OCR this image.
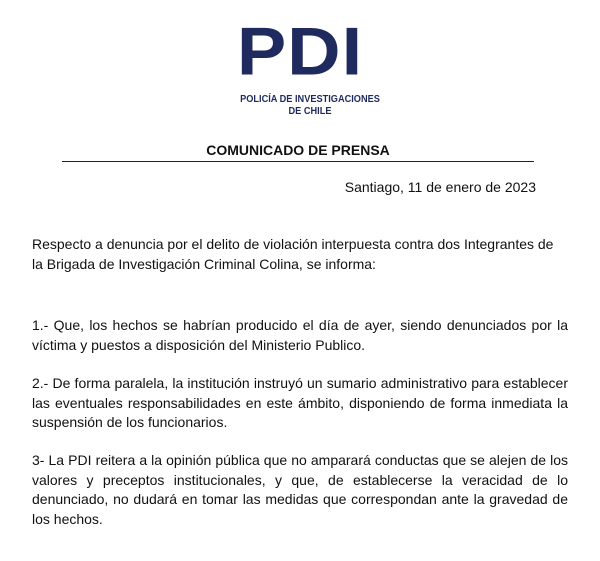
PDI
POLICÍA DE INVESTIGACIONES
DE CHILE
COMUNICADO DE PRENSA
Santiago, 11 de enero de 2023

Respecto a denuncia por el delito de violación interpuesta contra dos Integrantes de la Brigada de Investigación Criminal Colina, se informa:

1.- Que, los hechos se habrían producido el día de ayer, siendo denunciados por la víctima y puestos a disposición del Ministerio Publico.

2.- De forma paralela, la institución instruyó un sumario administrativo para establecer las eventuales responsabilidades en este ámbito, disponiendo de forma inmediata la suspensión de los funcionarios.

3- La PDI reitera a la opinión pública que no ampara​rá conductas que se alejen de los valores y preceptos institucionales, y que, de establecerse la veracidad de lo denunciado, no dudará en tomar las medidas que correspondan ante la gravedad de los hechos.
